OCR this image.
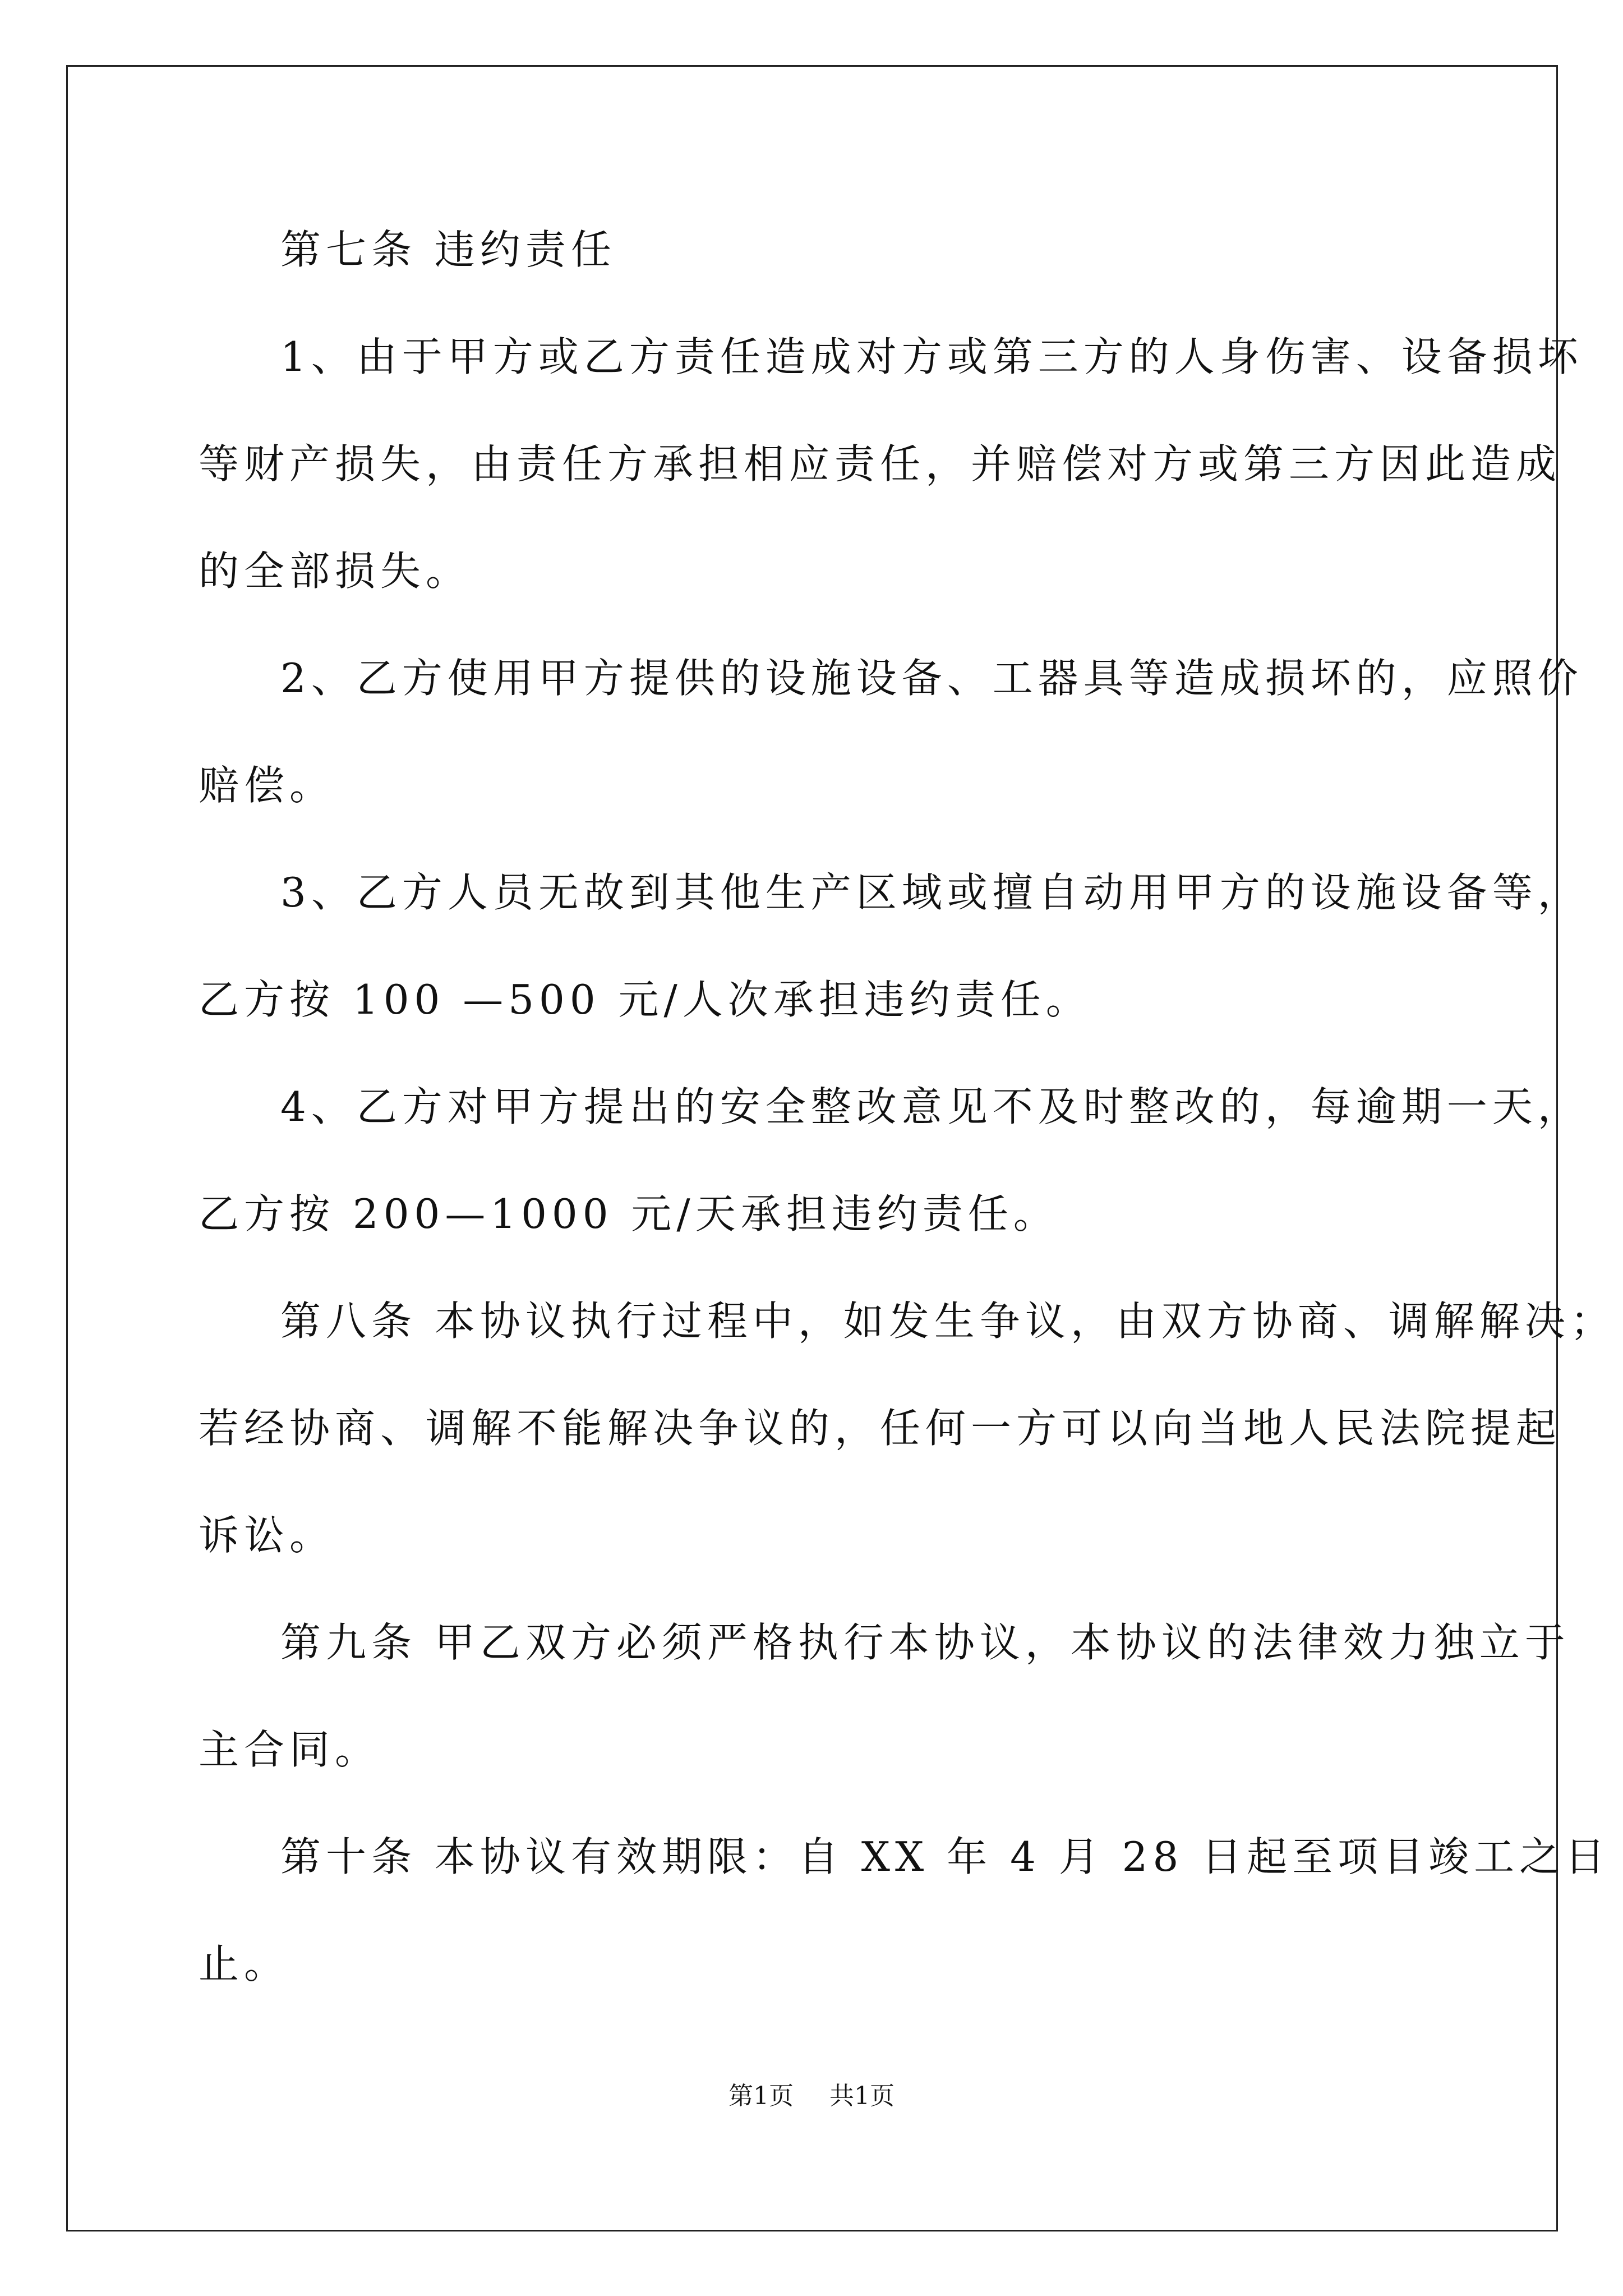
第七条 违约责任

1、由于甲方或乙方责任造成对方或第三方的人身伤害、设备损坏
等财产损失，由责任方承担相应责任，并赔偿对方或第三方因此造成
的全部损失。

2、乙方使用甲方提供的设施设备、工器具等造成损坏的，应照价
赔偿。

3、乙方人员无故到其他生产区域或擅自动用甲方的设施设备等，
乙方按 100 —500 元/人次承担违约责任。

4、乙方对甲方提出的安全整改意见不及时整改的，每逾期一天，
乙方按 200—1000 元/天承担违约责任。

第八条 本协议执行过程中，如发生争议，由双方协商、调解解决；
若经协商、调解不能解决争议的，任何一方可以向当地人民法院提起
诉讼。

第九条 甲乙双方必须严格执行本协议，本协议的法律效力独立于
主合同。

第十条 本协议有效期限：自 XX 年 4 月 28 日起至项目竣工之日
止。

第1页 共1页
